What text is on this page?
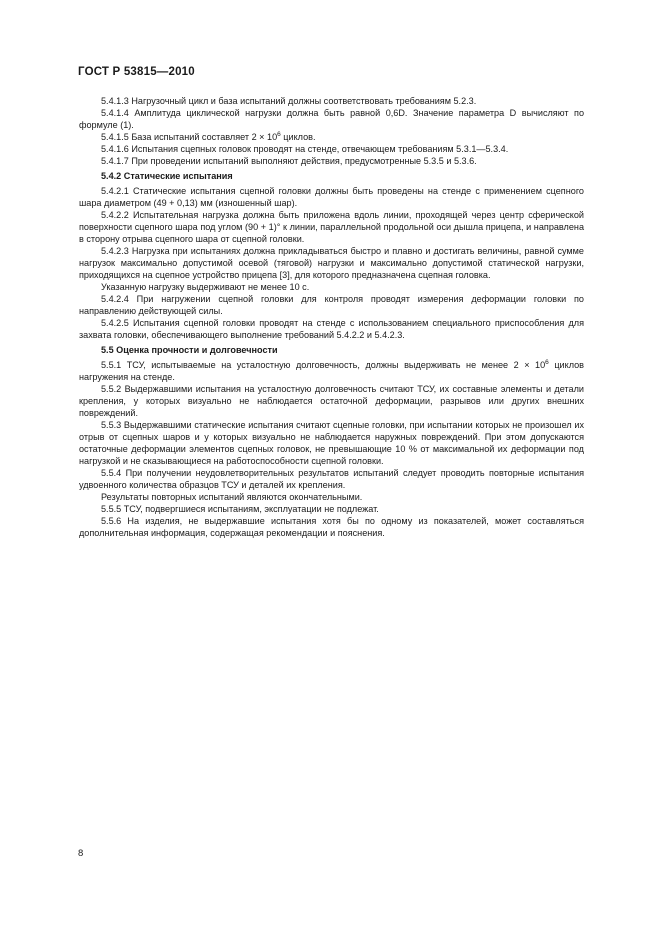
ГОСТ Р 53815—2010

5.4.1.3 Нагрузочный цикл и база испытаний должны соответствовать требованиям 5.2.3.

5.4.1.4 Амплитуда циклической нагрузки должна быть равной 0,6D. Значение параметра D вычисляют по формуле (1).

5.4.1.5 База испытаний составляет $2 \times 10^6$ циклов.

5.4.1.6 Испытания сцепных головок проводят на стенде, отвечающем требованиям 5.3.1—5.3.4.

5.4.1.7 При проведении испытаний выполняют действия, предусмотренные 5.3.5 и 5.3.6.

5.4.2 Статические испытания

5.4.2.1 Статические испытания сцепной головки должны быть проведены на стенде с применением сцепного шара диаметром (49 + 0,13) мм (изношенный шар).

5.4.2.2 Испытательная нагрузка должна быть приложена вдоль линии, проходящей через центр сферической поверхности сцепного шара под углом (90 + 1)° к линии, параллельной продольной оси дышла прицепа, и направлена в сторону отрыва сцепного шара от сцепной головки.

5.4.2.3 Нагрузка при испытаниях должна прикладываться быстро и плавно и достигать величины, равной сумме нагрузок максимально допустимой осевой (тяговой) нагрузки и максимально допустимой статической нагрузки, приходящихся на сцепное устройство прицепа [3], для которого предназначена сцепная головка.

Указанную нагрузку выдерживают не менее 10 с.

5.4.2.4 При нагружении сцепной головки для контроля проводят измерения деформации головки по направлению действующей силы.

5.4.2.5 Испытания сцепной головки проводят на стенде с использованием специального приспособления для захвата головки, обеспечивающего выполнение требований 5.4.2.2 и 5.4.2.3.

5.5 Оценка прочности и долговечности

5.5.1 ТСУ, испытываемые на усталостную долговечность, должны выдерживать не менее $2 \times 10^6$ циклов нагружения на стенде.

5.5.2 Выдержавшими испытания на усталостную долговечность считают ТСУ, их составные элементы и детали крепления, у которых визуально не наблюдается остаточной деформации, разрывов или других внешних повреждений.

5.5.3 Выдержавшими статические испытания считают сцепные головки, при испытании которых не произошел их отрыв от сцепных шаров и у которых визуально не наблюдается наружных повреждений. При этом допускаются остаточные деформации элементов сцепных головок, не превышающие 10 % от максимальной их деформации под нагрузкой и не сказывающиеся на работоспособности сцепной головки.

5.5.4 При получении неудовлетворительных результатов испытаний следует проводить повторные испытания удвоенного количества образцов ТСУ и деталей их крепления.

Результаты повторных испытаний являются окончательными.

5.5.5 ТСУ, подвергшиеся испытаниям, эксплуатации не подлежат.

5.5.6 На изделия, не выдержавшие испытания хотя бы по одному из показателей, может составляться дополнительная информация, содержащая рекомендации и пояснения.

8
